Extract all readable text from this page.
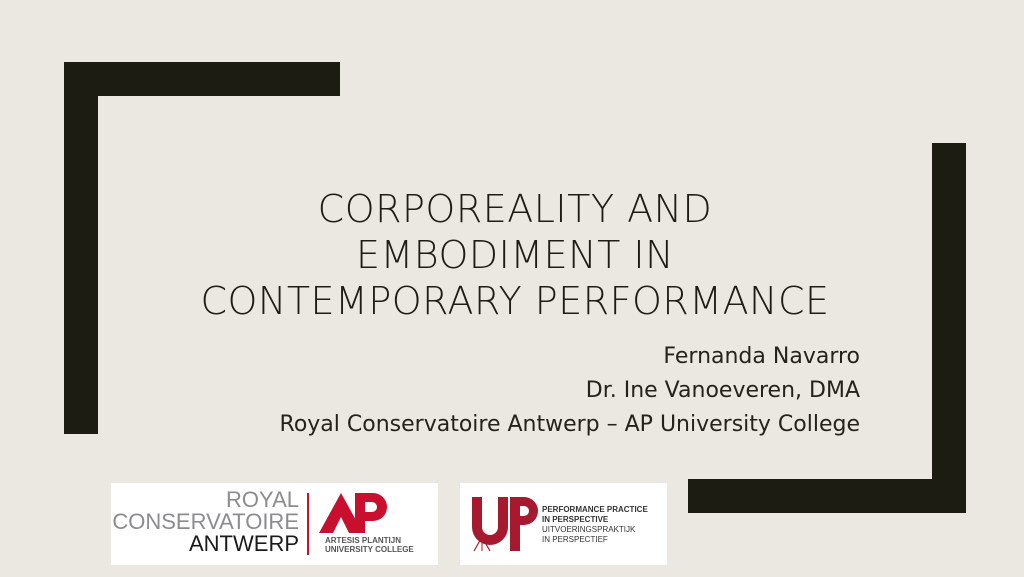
CORPOREALITY AND
EMBODIMENT IN
CONTEMPORARY PERFORMANCE
Fernanda Navarro
Dr. Ine Vanoeveren, DMA
Royal Conservatoire Antwerp – AP University College
ROYAL
CONSERVATOIRE
ANTWERP	ARTESIS PLANTIJN
UNIVERSITY COLLEGE
PERFORMANCE PRACTICE
IN PERSPECTIVE
UITVOERINGSPRAKTIJK
IN PERSPECTIEF
